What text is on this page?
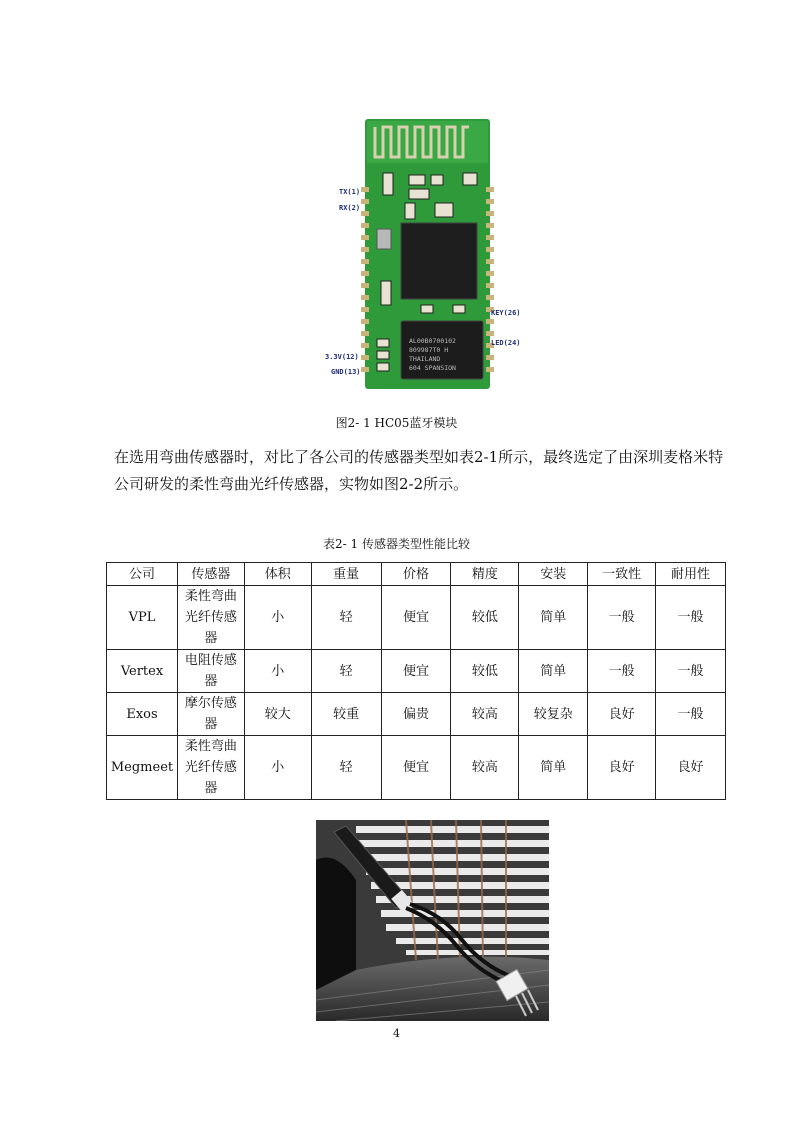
AL00B0700102
809987T0 H
THAILAND
604 SPANSION
TX(1)
RX(2)
KEY(26)
LED(24)
3.3V(12)
GND(13)
图2- 1 HC05蓝牙模块

在选用弯曲传感器时，对比了各公司的传感器类型如表2-1所示，最终选定了由深圳麦格米特公司研发的柔性弯曲光纤传感器，实物如图2-2所示。

表2- 1 传感器类型性能比较
公司	传感器	体积	重量	价格	精度	安装	一致性	耐用性
VPL	柔性弯曲光纤传感器	小	轻	便宜	较低	简单	一般	一般
Vertex	电阻传感器	小	轻	便宜	较低	简单	一般	一般
Exos	摩尔传感器	较大	较重	偏贵	较高	较复杂	良好	一般
Megmeet	柔性弯曲光纤传感器	小	轻	便宜	较高	简单	良好	良好
4
